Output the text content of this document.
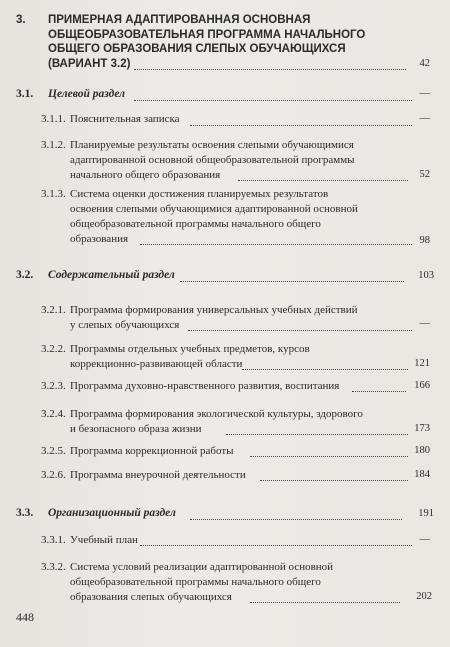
3. ПРИМЕРНАЯ АДАПТИРОВАННАЯ ОСНОВНАЯ
ОБЩЕОБРАЗОВАТЕЛЬНАЯ ПРОГРАММА НАЧАЛЬНОГО
ОБЩЕГО ОБРАЗОВАНИЯ СЛЕПЫХ ОБУЧАЮЩИХСЯ
(ВАРИАНТ 3.2)	42
3.1. Целевой раздел	—
3.1.1. Пояснительная записка	—
3.1.2. Планируемые результаты освоения слепыми обучающимися
адаптированной основной общеобразовательной программы
начального общего образования	52
3.1.3. Система оценки достижения планируемых результатов
освоения слепыми обучающимися адаптированной основной
общеобразовательной программы начального общего
образования	98
3.2. Содержательный раздел	103
3.2.1. Программа формирования универсальных учебных действий
у слепых обучающихся	—
3.2.2. Программы отдельных учебных предметов, курсов
коррекционно-развивающей области	121
3.2.3. Программа духовно-нравственного развития, воспитания	166
3.2.4. Программа формирования экологической культуры, здорового
и безопасного образа жизни	173
3.2.5. Программа коррекционной работы	180
3.2.6. Программа внеурочной деятельности	184
3.3. Организационный раздел	191
3.3.1. Учебный план	—
3.3.2. Система условий реализации адаптированной основной
общеобразовательной программы начального общего
образования слепых обучающихся	202
448
